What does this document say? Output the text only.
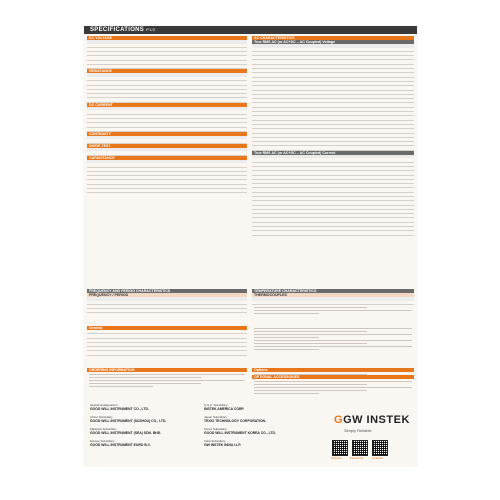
SPECIFICATIONS P1/2
DC VOLTAGE

RESISTANCE

DC CURRENT

CONTINUITY

DIODE TEST

CAPACITANCE

AC CHARACTERISTICS
True RMS AC (or AC+DC – AC Coupled) Voltage

True RMS AC (or AC+DC – AC Coupled) Current

FREQUENCY AND PERIOD CHARACTERISTICS
FREQUENCY / PERIOD

TEMPERATURE CHARACTERISTICS
THERMOCOUPLES

General

ORDERING INFORMATION	Options
OPTIONAL ACCESSORIES
Global Headquarters
GOOD WILL INSTRUMENT CO., LTD.
U.S.A. Subsidiary
INSTEK AMERICA CORP.
China Subsidiary
GOOD WILL INSTRUMENT (SUZHOU) CO., LTD.
Japan Subsidiary
TEXIO TECHNOLOGY CORPORATION.
Malaysia Subsidiary
GOOD WILL INSTRUMENT (SEA) SDN. BHD.
Korea Subsidiary
GOOD WILL INSTRUMENT KOREA CO., LTD.
Europe Subsidiary
GOOD WILL INSTRUMENT EURO B.V.
India Subsidiary
GW INSTEK INDIA LLP.
GGW INSTEK
Simply Reliable
Website	Facebook	LinkedIn
